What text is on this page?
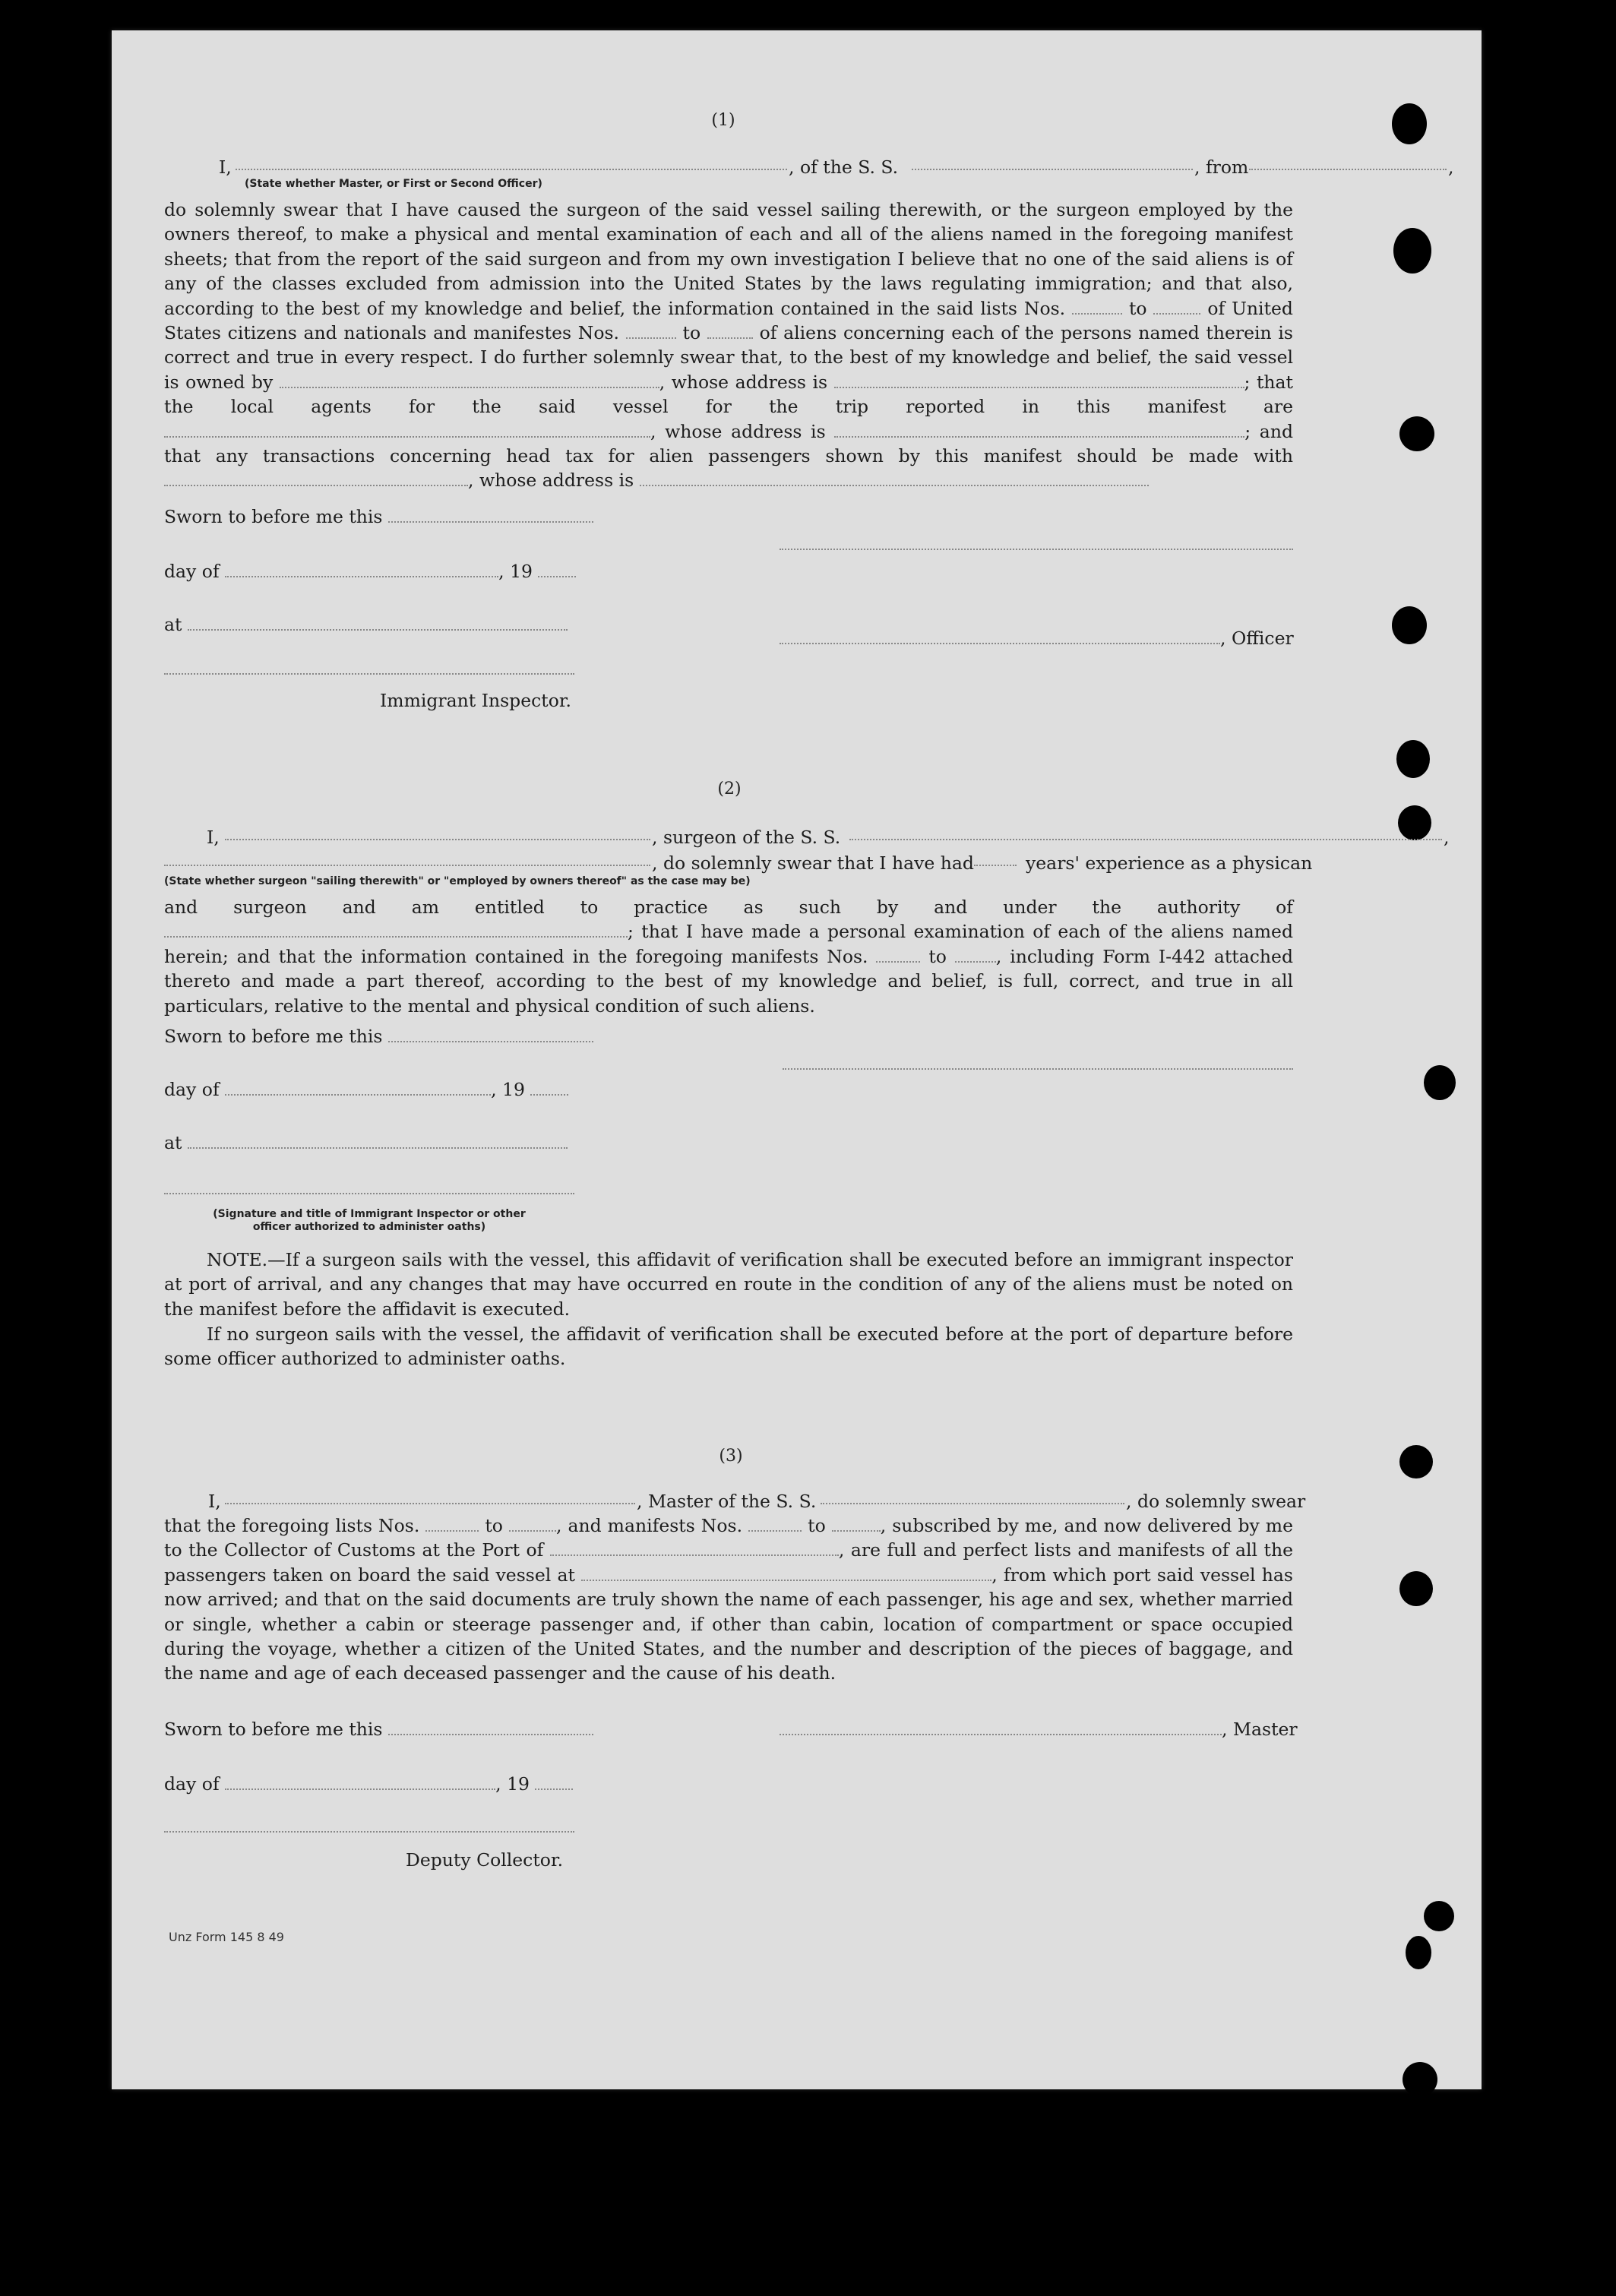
(1)
I,	, of the S. S.	, from	,
(State whether Master, or First or Second Officer)

do solemnly swear that I have caused the surgeon of the said vessel sailing therewith, or the surgeon employed by the owners thereof, to make a physical and mental examination of each and all of the aliens named in the foregoing manifest sheets; that from the report of the said surgeon and from my own investigation I believe that no one of the said aliens is of any of the classes excluded from admission into the United States by the laws regulating immigration; and that also, according to the best of my knowledge and belief, the information contained in the said lists Nos.	to	of United States citizens and nationals and manifestes Nos.	to	of aliens concerning each of the persons named therein is correct and true in every respect. I do further solemnly swear that, to the best of my knowledge and belief, the said vessel is owned by	, whose address is	; that the local agents for the said vessel for the trip reported in this manifest are , whose address is	; and that any transactions concerning head tax for alien passengers shown by this manifest should be made with , whose address is

Sworn to before me this
day of	, 19
at
, Officer
Immigrant Inspector.
(2)
I,	, surgeon of the S. S.	,
, do solemnly swear that I have had	years' experience as a physican
(State whether surgeon "sailing therewith" or "employed by owners thereof" as the case may be)

and surgeon and am entitled to practice as such by and under the authority of ; that I have made a personal examination of each of the aliens named herein; and that the information contained in the foregoing manifests Nos.	to	, including Form I-442 attached thereto and made a part thereof, according to the best of my knowledge and belief, is full, correct, and true in all particulars, relative to the mental and physical condition of such aliens.

Sworn to before me this
day of	, 19
at
(Signature and title of Immigrant Inspector or other
officer authorized to administer oaths)

NOTE.—If a surgeon sails with the vessel, this affidavit of verification shall be executed before an immigrant inspector at port of arrival, and any changes that may have occurred en route in the condition of any of the aliens must be noted on the manifest before the affidavit is executed.

If no surgeon sails with the vessel, the affidavit of verification shall be executed before at the port of departure before some officer authorized to administer oaths.

(3)
I,	, Master of the S. S.	, do solemnly swear

that the foregoing lists Nos.	to	, and manifests Nos.	to	, subscribed by me, and now delivered by me to the Collector of Customs at the Port of	, are full and perfect lists and manifests of all the passengers taken on board the said vessel at	, from which port said vessel has now arrived; and that on the said documents are truly shown the name of each passenger, his age and sex, whether married or single, whether a cabin or steerage passenger and, if other than cabin, location of compartment or space occupied during the voyage, whether a citizen of the United States, and the number and description of the pieces of baggage, and the name and age of each deceased passenger and the cause of his death.

Sworn to before me this	, Master
day of	, 19
Deputy Collector.
Unz Form 145 8 49
